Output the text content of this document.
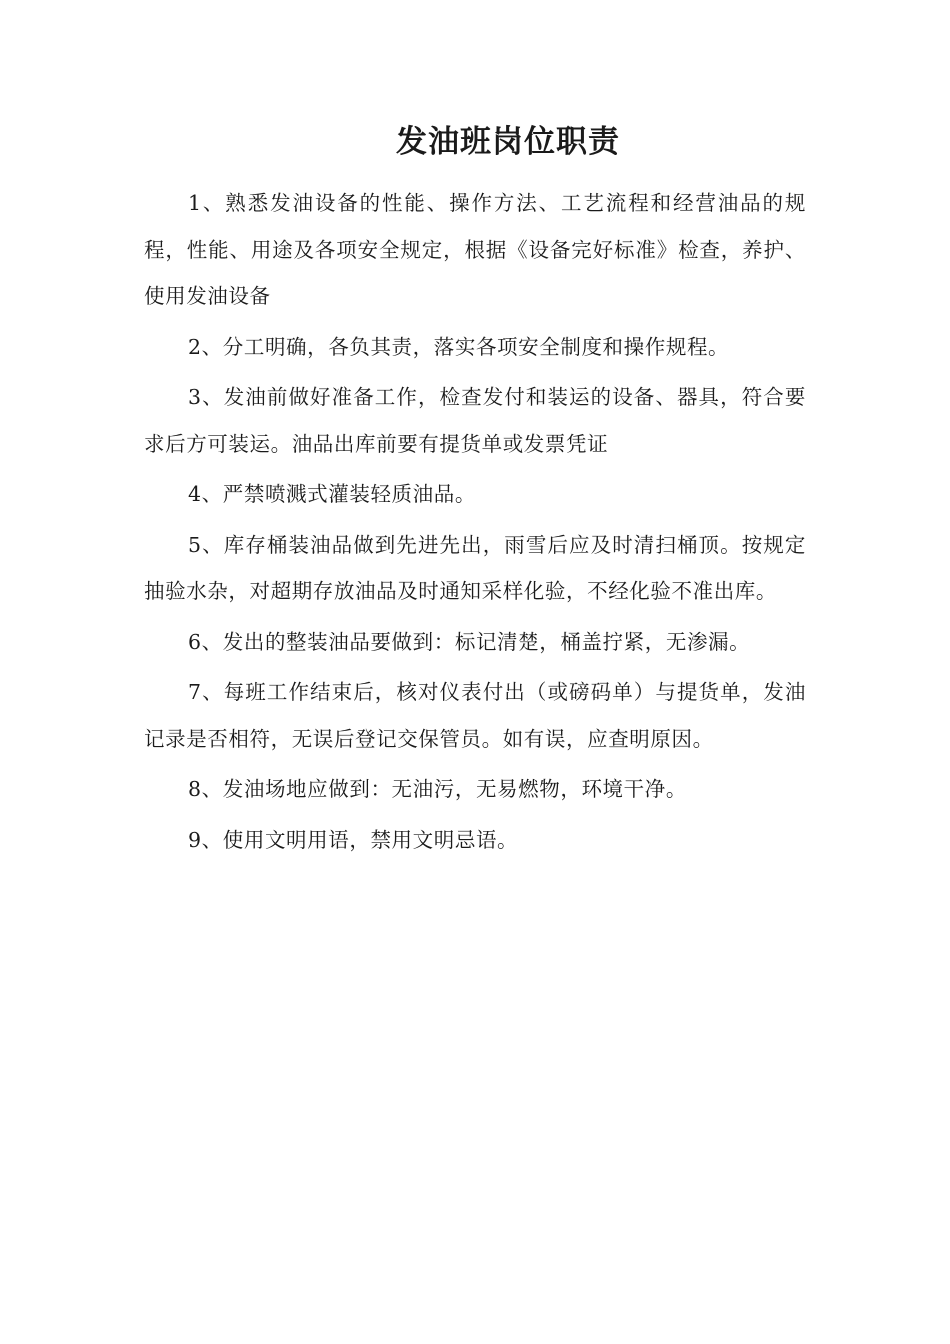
发油班岗位职责

1、熟悉发油设备的性能、操作方法、工艺流程和经营油品的规程，性能、用途及各项安全规定，根据《设备完好标准》检查，养护、使用发油设备

2、分工明确，各负其责，落实各项安全制度和操作规程。

3、发油前做好准备工作，检查发付和装运的设备、器具，符合要求后方可装运。油品出库前要有提货单或发票凭证

4、严禁喷溅式灌装轻质油品。

5、库存桶装油品做到先进先出，雨雪后应及时清扫桶顶。按规定抽验水杂，对超期存放油品及时通知采样化验，不经化验不准出库。

6、发出的整装油品要做到：标记清楚，桶盖拧紧，无渗漏。

7、每班工作结束后，核对仪表付出（或磅码单）与提货单，发油记录是否相符，无误后登记交保管员。如有误，应查明原因。

8、发油场地应做到：无油污，无易燃物，环境干净。

9、使用文明用语，禁用文明忌语。
